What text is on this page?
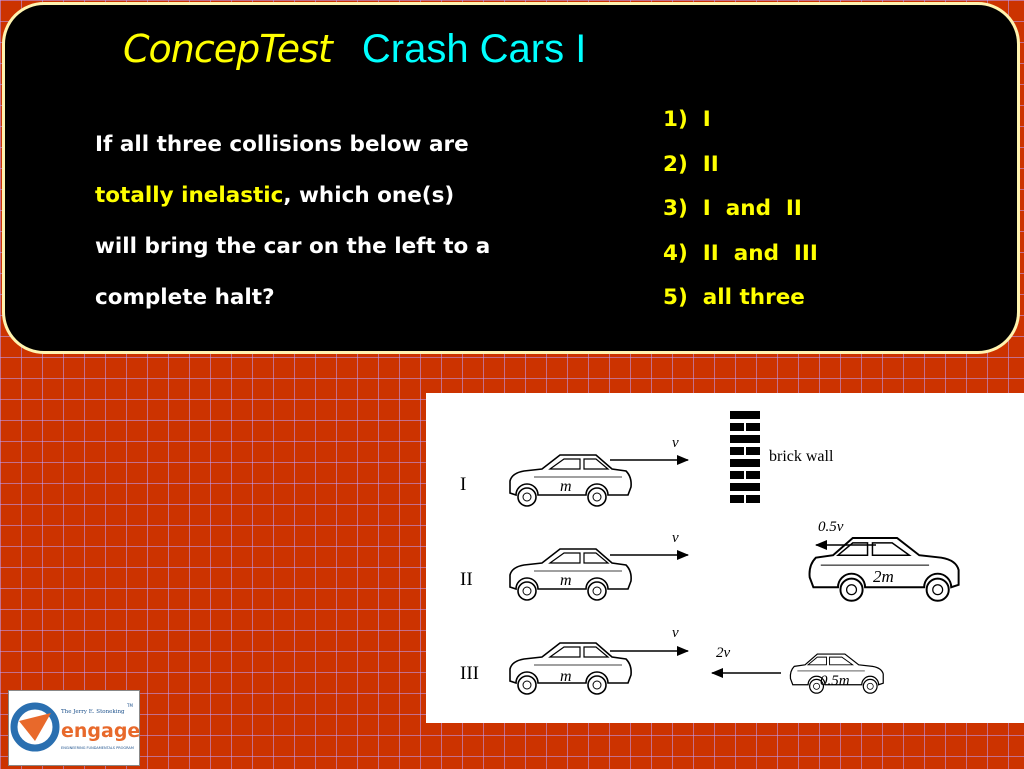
ConcepTest Crash Cars I
If all three collisions below are totally inelastic, which one(s) will bring the car on the left to a complete halt?
1) I
2) II
3) I  and  II
4) II  and  III
5) all three
I	m
v
brick wall
II	m
v
2m
0.5v
III	m
v
0.5m
2v
The Jerry E. Stoneking
TM
engage
ENGINEERING FUNDAMENTALS PROGRAM
